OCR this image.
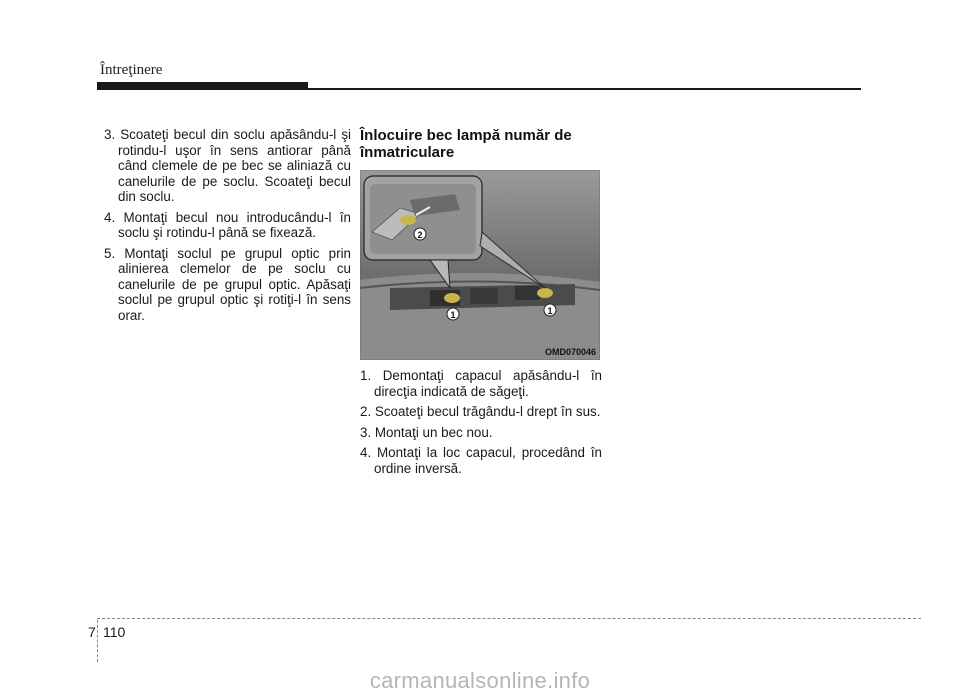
Întreţinere

3. Scoateţi becul din soclu apăsându-l şi rotindu-l uşor în sens antiorar până când clemele de pe bec se aliniază cu canelurile de pe soclu. Scoateţi becul din soclu.

4. Montaţi becul nou introducându-l în soclu şi rotindu-l până se fixează.

5. Montaţi soclul pe grupul optic prin alinierea clemelor de pe soclu cu canelurile de pe grupul optic. Apăsaţi soclul pe grupul optic şi rotiţi-l în sens orar.

Înlocuire bec lampă număr de înmatriculare
2
1	1
OMD070046

1. Demontaţi capacul apăsându-l în direcţia indicată de săgeţi.

2. Scoateţi becul trăgându-l drept în sus.

3. Montaţi un bec nou.

4. Montaţi la loc capacul, procedând în ordine inversă.

7 110
carmanualsonline.info
